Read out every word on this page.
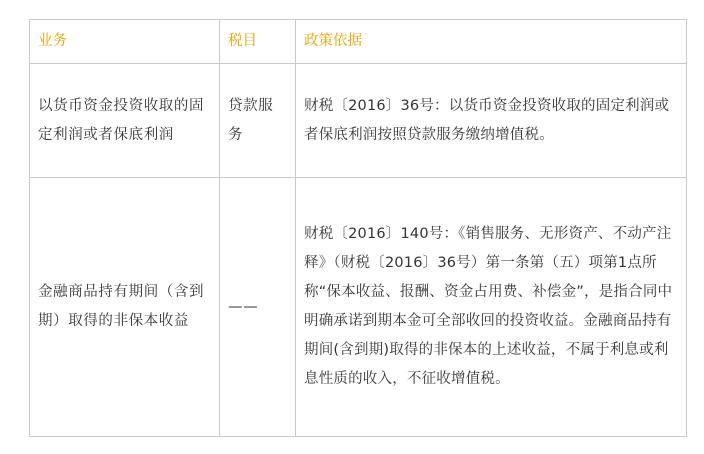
业务	税目	政策依据
以货币资金投资收取的固定利润或者保底利润	贷款服务	财税〔2016〕36号：以货币资金投资收取的固定利润或者保底利润按照贷款服务缴纳增值税。
金融商品持有期间（含到期）取得的非保本收益	——	财税〔2016〕140号：《销售服务、无形资产、不动产注释》（财税〔2016〕36号）第一条第（五）项第1点所称“保本收益、报酬、资金占用费、补偿金”，是指合同中明确承诺到期本金可全部收回的投资收益。金融商品持有期间(含到期)取得的非保本的上述收益，不属于利息或利息性质的收入，不征收增值税。
